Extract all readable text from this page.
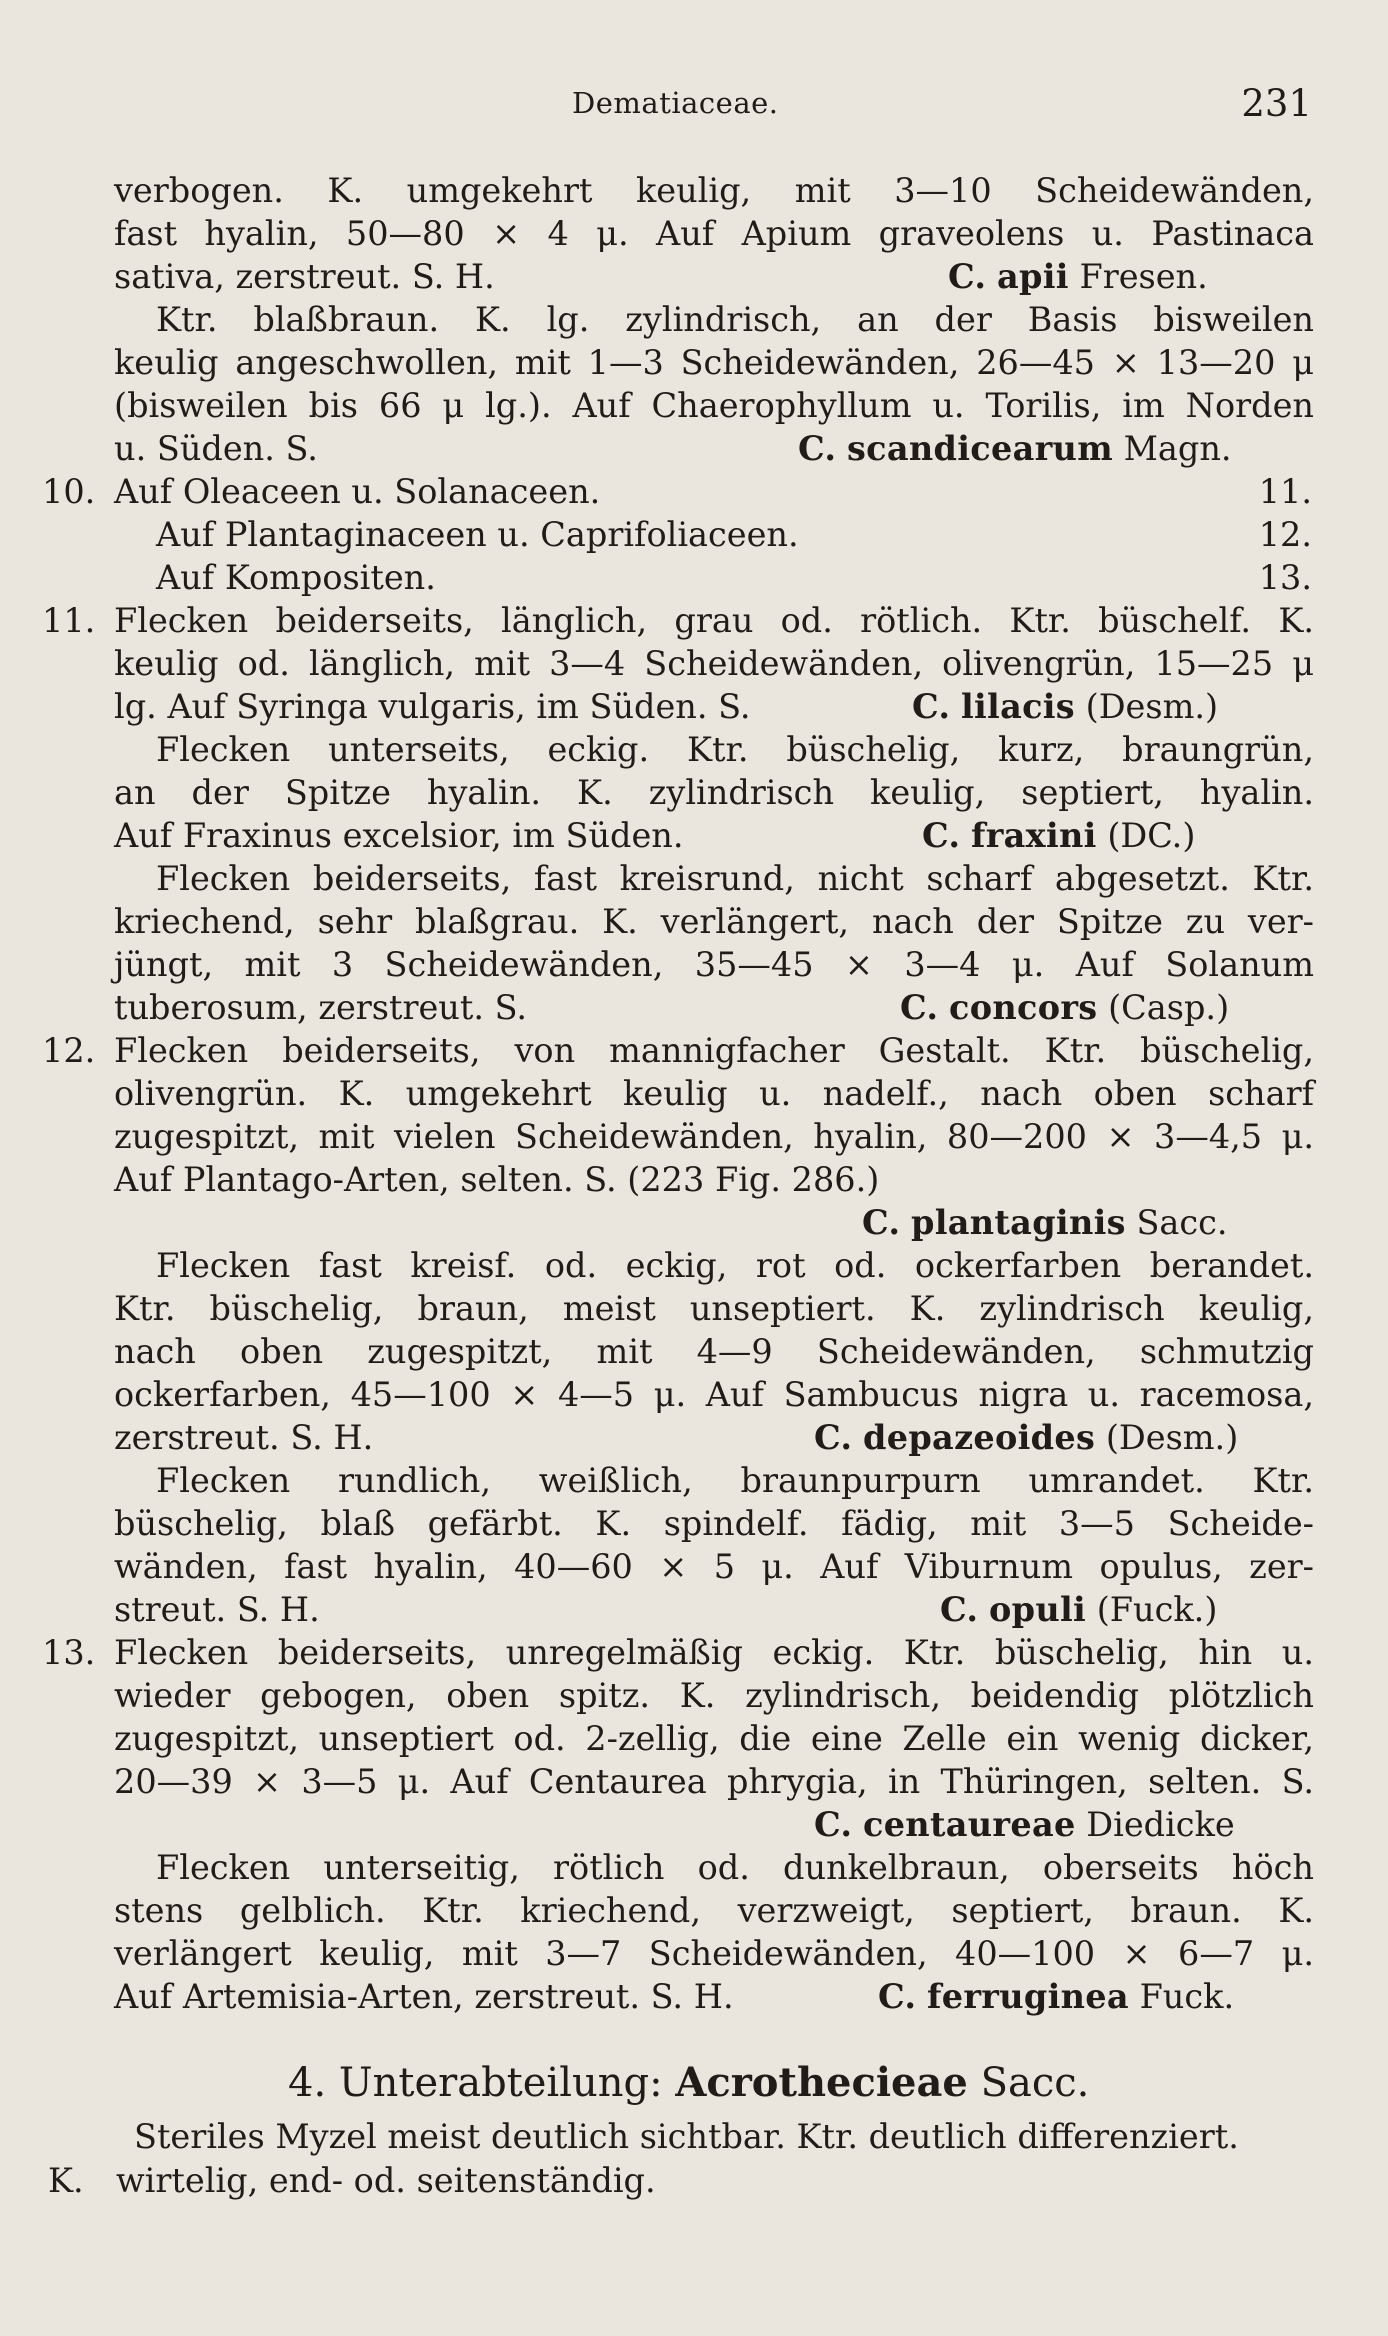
Dematiaceae.	231
verbogen. K. umgekehrt keulig, mit 3—10 Scheidewänden,
fast hyalin, 50—80 × 4 μ. Auf Apium graveolens u. Pastinaca
sativa, zerstreut. S. H.	C. apii Fresen.
Ktr. blaßbraun. K. lg. zylindrisch, an der Basis bisweilen
keulig angeschwollen, mit 1—3 Scheidewänden, 26—45 × 13—20 μ
(bisweilen bis 66 μ lg.). Auf Chaerophyllum u. Torilis, im Norden
u. Süden. S.	C. scandicearum Magn.
10. Auf Oleaceen u. Solanaceen.	11.
Auf Plantaginaceen u. Caprifoliaceen.	12.
Auf Kompositen.	13.
11. Flecken beiderseits, länglich, grau od. rötlich. Ktr. büschelf. K.
keulig od. länglich, mit 3—4 Scheidewänden, olivengrün, 15—25 μ
lg. Auf Syringa vulgaris, im Süden. S.	C. lilacis (Desm.)
Flecken unterseits, eckig. Ktr. büschelig, kurz, braungrün,
an der Spitze hyalin. K. zylindrisch keulig, septiert, hyalin.
Auf Fraxinus excelsior, im Süden.	C. fraxini (DC.)
Flecken beiderseits, fast kreisrund, nicht scharf abgesetzt. Ktr.
kriechend, sehr blaßgrau. K. verlängert, nach der Spitze zu ver-
jüngt, mit 3 Scheidewänden, 35—45 × 3—4 μ. Auf Solanum
tuberosum, zerstreut. S.	C. concors (Casp.)
12. Flecken beiderseits, von mannigfacher Gestalt. Ktr. büschelig,
olivengrün. K. umgekehrt keulig u. nadelf., nach oben scharf
zugespitzt, mit vielen Scheidewänden, hyalin, 80—200 × 3—4,5 μ.
Auf Plantago-Arten, selten. S. (223 Fig. 286.)
C. plantaginis Sacc.
Flecken fast kreisf. od. eckig, rot od. ockerfarben berandet.
Ktr. büschelig, braun, meist unseptiert. K. zylindrisch keulig,
nach oben zugespitzt, mit 4—9 Scheidewänden, schmutzig
ockerfarben, 45—100 × 4—5 μ. Auf Sambucus nigra u. racemosa,
zerstreut. S. H.	C. depazeoides (Desm.)
Flecken rundlich, weißlich, braunpurpurn umrandet. Ktr.
büschelig, blaß gefärbt. K. spindelf. fädig, mit 3—5 Scheide-
wänden, fast hyalin, 40—60 × 5 μ. Auf Viburnum opulus, zer-
streut. S. H.	C. opuli (Fuck.)
13. Flecken beiderseits, unregelmäßig eckig. Ktr. büschelig, hin u.
wieder gebogen, oben spitz. K. zylindrisch, beidendig plötzlich
zugespitzt, unseptiert od. 2-zellig, die eine Zelle ein wenig dicker,
20—39 × 3—5 μ. Auf Centaurea phrygia, in Thüringen, selten. S.
C. centaureae Diedicke
Flecken unterseitig, rötlich od. dunkelbraun, oberseits höch
stens gelblich. Ktr. kriechend, verzweigt, septiert, braun. K.
verlängert keulig, mit 3—7 Scheidewänden, 40—100 × 6—7 μ.
Auf Artemisia-Arten, zerstreut. S. H.	C. ferruginea Fuck.
4. Unterabteilung: Acrothecieae Sacc.
Steriles Myzel meist deutlich sichtbar. Ktr. deutlich differenziert.
K. wirtelig, end- od. seitenständig.
